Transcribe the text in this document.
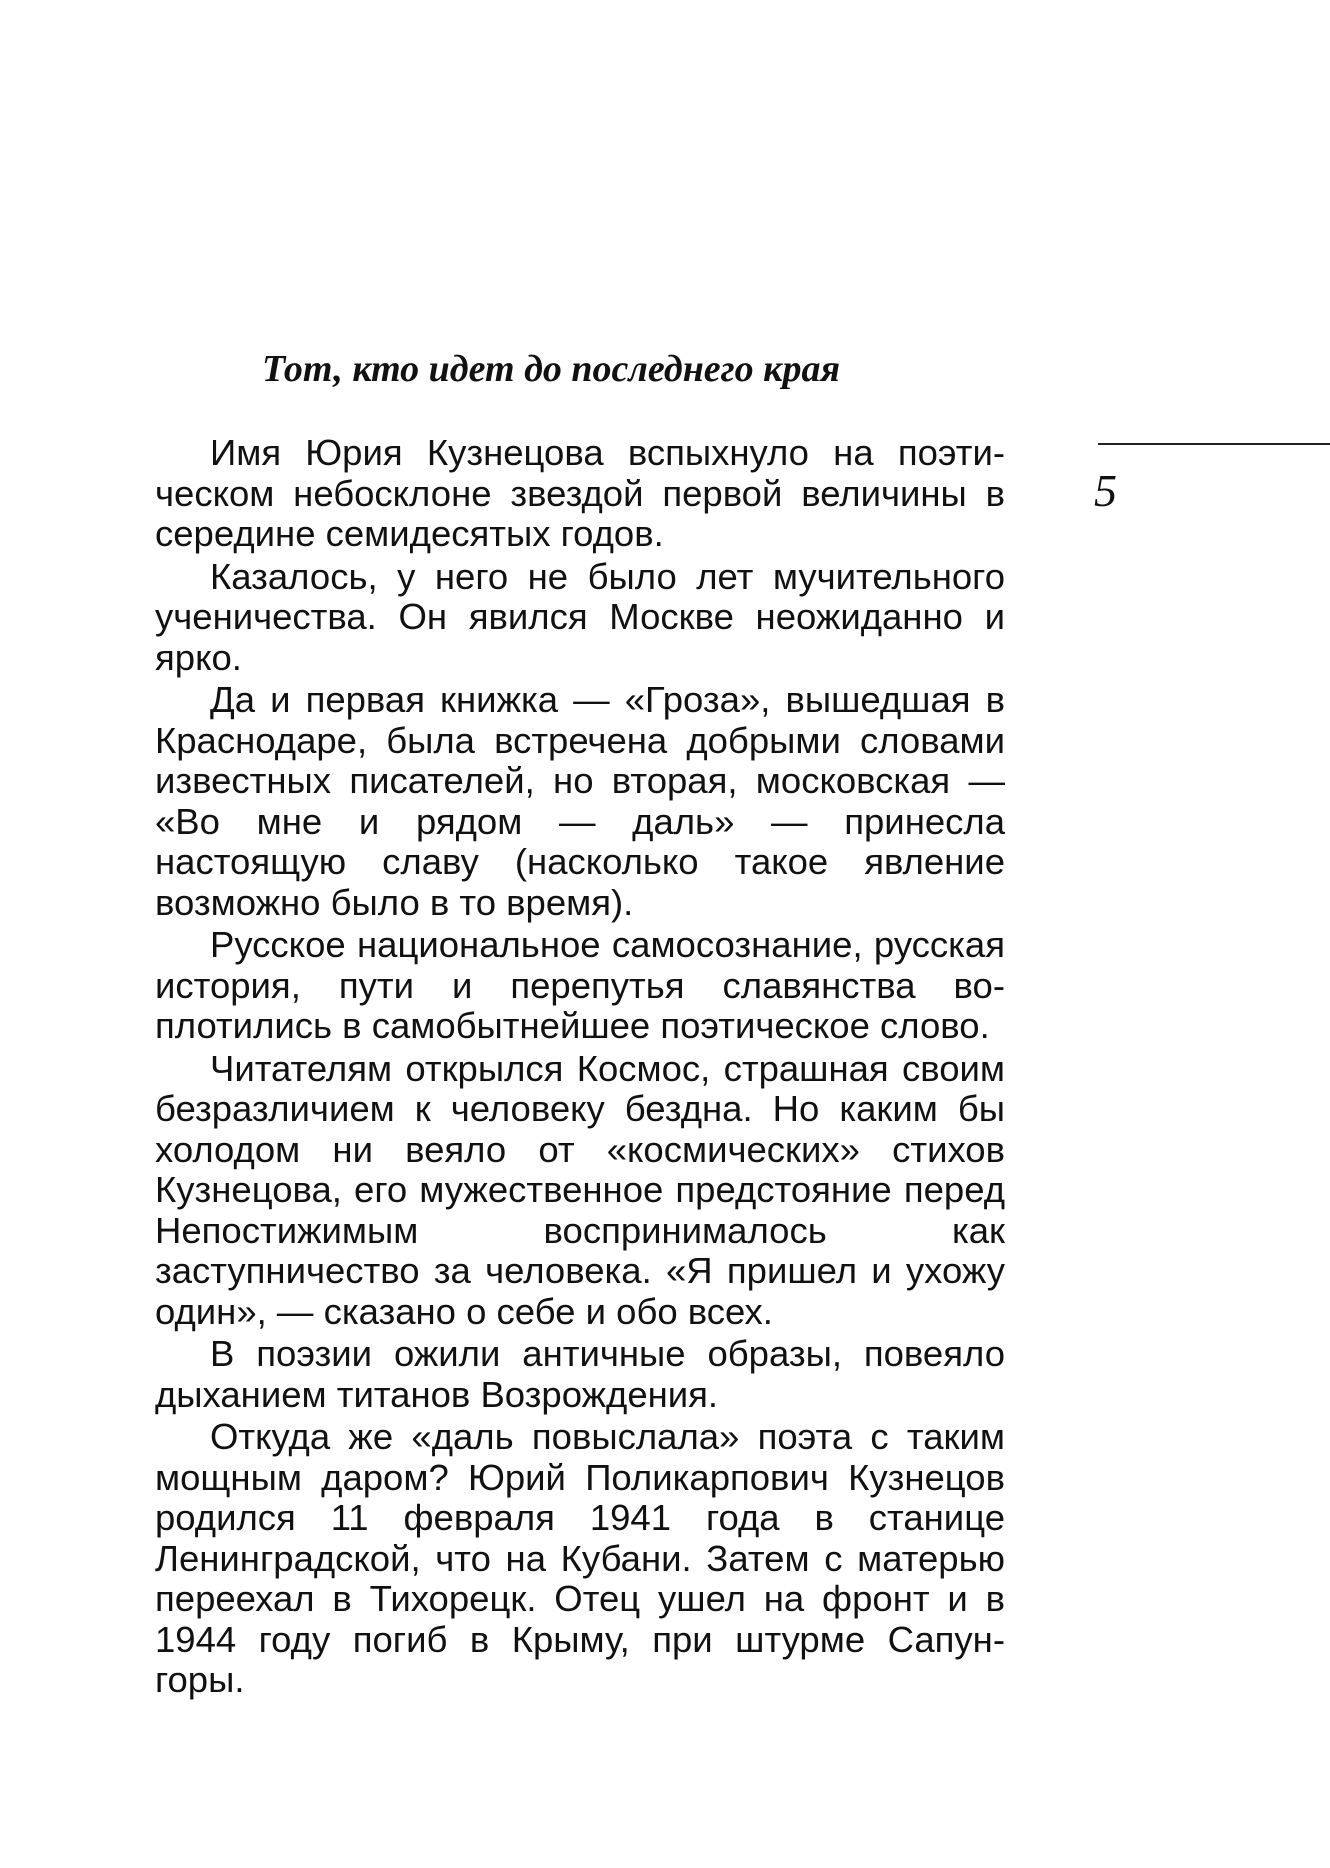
Тот, кто идет до последнего края
5

Имя Юрия Кузнецова вспыхнуло на поэтическом небосклоне звездой первой величины в середине семидесятых годов.

Казалось, у него не было лет мучительного ученичества. Он явился Москве неожиданно и ярко.

Да и первая книжка — «Гроза», вышедшая в Краснодаре, была встречена добрыми словами известных писателей, но вторая, московская — «Во мне и рядом — даль» — принесла настоящую славу (насколько такое явление возможно было в то время).

Русское национальное самосознание, русская история, пути и перепутья славянства воплотились в самобытнейшее поэтическое слово.

Читателям открылся Космос, страшная своим безразличием к человеку бездна. Но каким бы холодом ни веяло от «космических» стихов Кузнецова, его мужественное предстояние перед Непостижимым воспринималось как заступничество за человека. «Я пришел и ухожу один», — сказано о себе и обо всех.

В поэзии ожили античные образы, повеяло дыханием титанов Возрождения.

Откуда же «даль повыслала» поэта с таким мощным даром? Юрий Поликарпович Кузнецов родился 11 февраля 1941 года в станице Ленинградской, что на Кубани. Затем с матерью переехал в Тихорецк. Отец ушел на фронт и в 1944 году погиб в Крыму, при штурме Сапун-горы.
